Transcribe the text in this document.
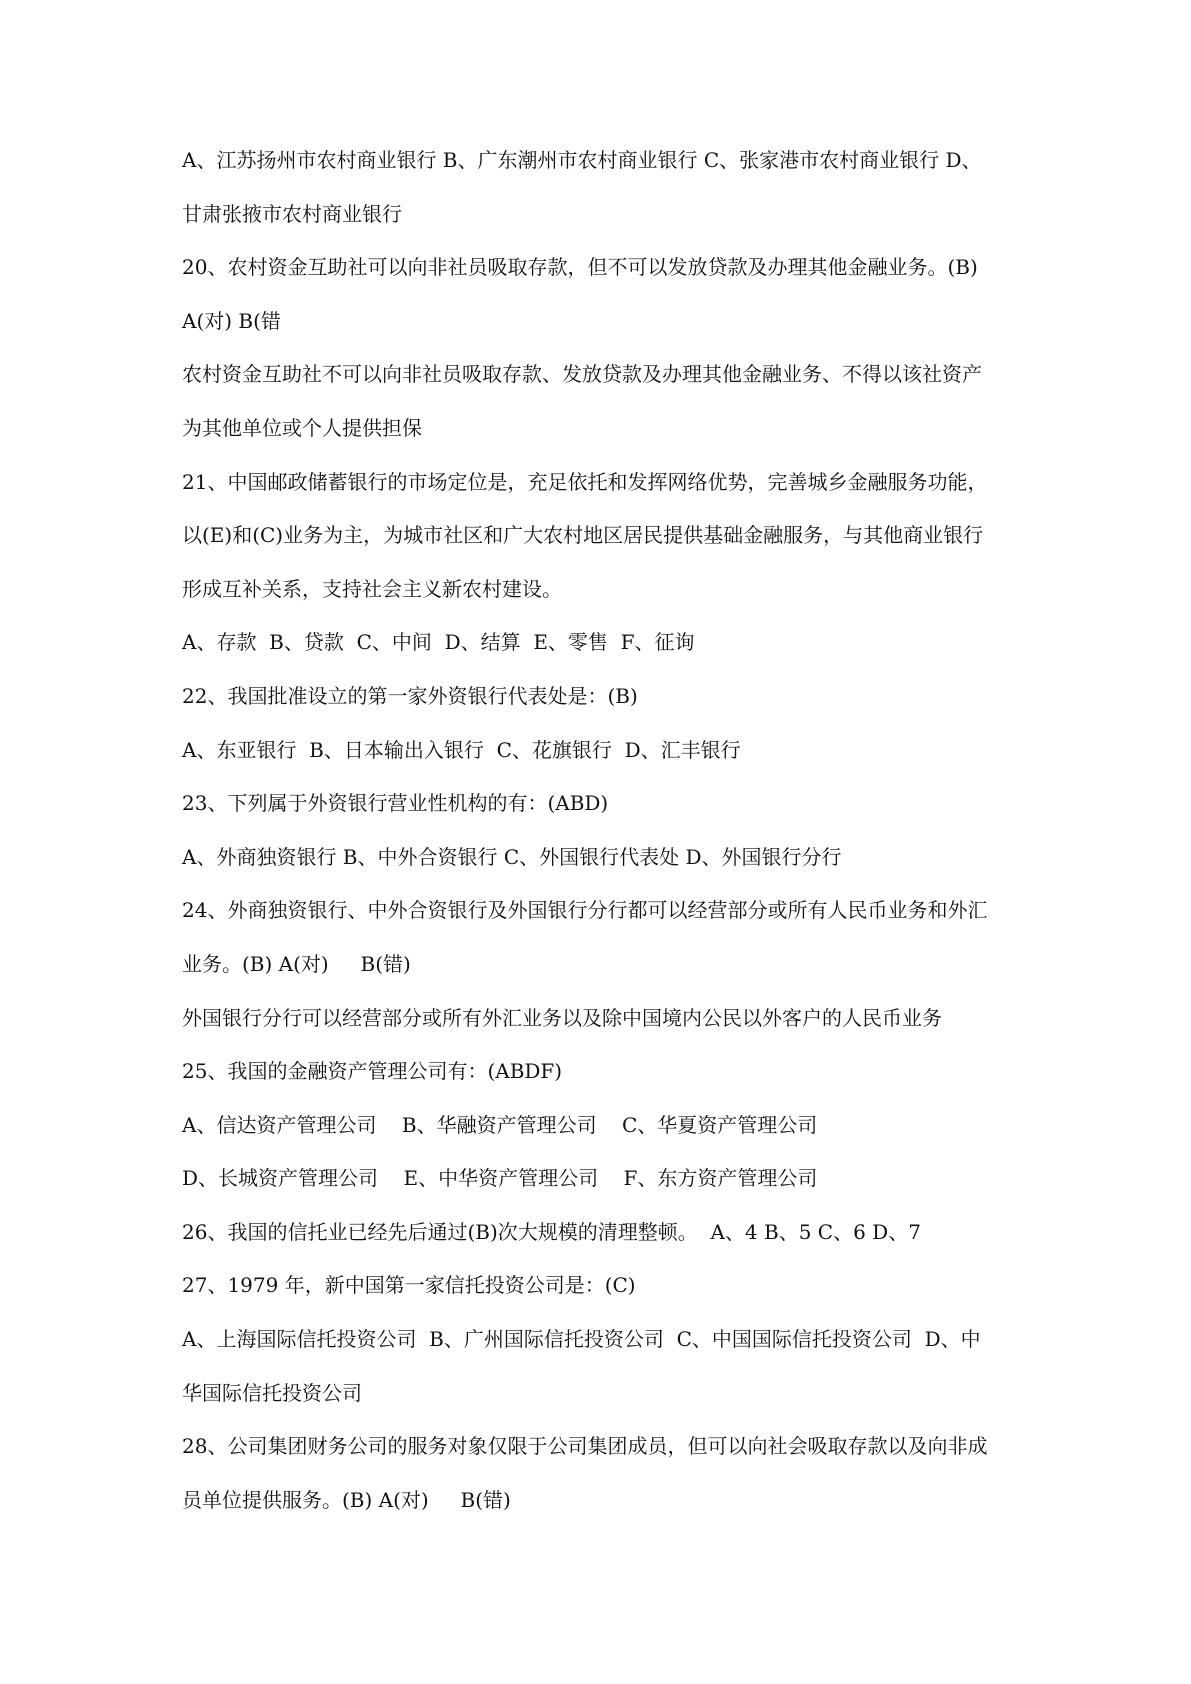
A、江苏扬州市农村商业银行 B、广东潮州市农村商业银行 C、张家港市农村商业银行 D、
甘肃张掖市农村商业银行
20、农村资金互助社可以向非社员吸取存款，但不可以发放贷款及办理其他金融业务。(B)
A(对) B(错
农村资金互助社不可以向非社员吸取存款、发放贷款及办理其他金融业务、不得以该社资产
为其他单位或个人提供担保
21、中国邮政储蓄银行的市场定位是，充足依托和发挥网络优势，完善城乡金融服务功能，
以(E)和(C)业务为主，为城市社区和广大农村地区居民提供基础金融服务，与其他商业银行
形成互补关系，支持社会主义新农村建设。
A、存款  B、贷款  C、中间  D、结算  E、零售  F、征询
22、我国批准设立的第一家外资银行代表处是：(B)
A、东亚银行  B、日本输出入银行  C、花旗银行  D、汇丰银行
23、下列属于外资银行营业性机构的有：(ABD)
A、外商独资银行 B、中外合资银行 C、外国银行代表处 D、外国银行分行
24、外商独资银行、中外合资银行及外国银行分行都可以经营部分或所有人民币业务和外汇
业务。(B) A(对)     B(错)
外国银行分行可以经营部分或所有外汇业务以及除中国境内公民以外客户的人民币业务
25、我国的金融资产管理公司有：(ABDF)
A、信达资产管理公司    B、华融资产管理公司    C、华夏资产管理公司
D、长城资产管理公司    E、中华资产管理公司    F、东方资产管理公司
26、我国的信托业已经先后通过(B)次大规模的清理整顿。  A、4 B、5 C、6 D、7
27、1979 年，新中国第一家信托投资公司是：(C)
A、上海国际信托投资公司  B、广州国际信托投资公司  C、中国国际信托投资公司  D、中
华国际信托投资公司
28、公司集团财务公司的服务对象仅限于公司集团成员，但可以向社会吸取存款以及向非成
员单位提供服务。(B) A(对)     B(错)
